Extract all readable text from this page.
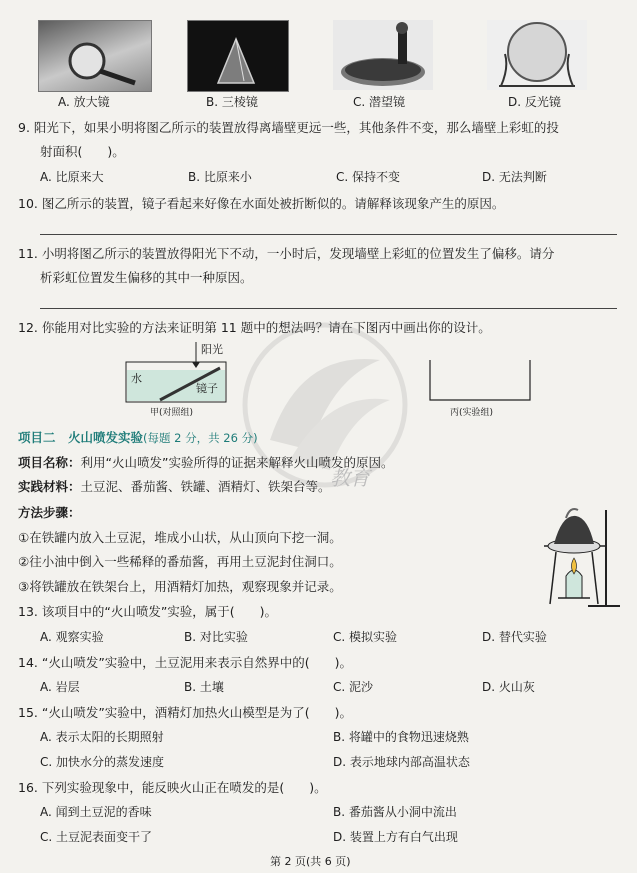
A. 放大镜	B. 三棱镜	C. 潜望镜	D. 反光镜
9. 阳光下，如果小明将图乙所示的装置放得离墙壁更远一些，其他条件不变，那么墙壁上彩虹的投
射面积(　　)。
A. 比原来大	B. 比原来小	C. 保持不变	D. 无法判断
10. 图乙所示的装置，镜子看起来好像在水面处被折断似的。请解释该现象产生的原因。
11. 小明将图乙所示的装置放得阳光下不动，一小时后，发现墙壁上彩虹的位置发生了偏移。请分
析彩虹位置发生偏移的其中一种原因。
12. 你能用对比实验的方法来证明第 11 题中的想法吗？请在下图丙中画出你的设计。
阳光
水
镜子
甲(对照组)	丙(实验组)
教育
项目二　火山喷发实验(每题 2 分，共 26 分)
项目名称：利用“火山喷发”实验所得的证据来解释火山喷发的原因。
实践材料：土豆泥、番茄酱、铁罐、酒精灯、铁架台等。
方法步骤：
①在铁罐内放入土豆泥，堆成小山状，从山顶向下挖一洞。
②往小油中倒入一些稀释的番茄酱，再用土豆泥封住洞口。
③将铁罐放在铁架台上，用酒精灯加热，观察现象并记录。
13. 该项目中的“火山喷发”实验，属于(　　)。
A. 观察实验	B. 对比实验	C. 模拟实验	D. 替代实验
14. “火山喷发”实验中，土豆泥用来表示自然界中的(　　)。
A. 岩层	B. 土壤	C. 泥沙	D. 火山灰
15. “火山喷发”实验中，酒精灯加热火山模型是为了(　　)。
A. 表示太阳的长期照射	B. 将罐中的食物迅速烧熟
C. 加快水分的蒸发速度	D. 表示地球内部高温状态
16. 下列实验现象中，能反映火山正在喷发的是(　　)。
A. 闻到土豆泥的香味	B. 番茄酱从小洞中流出
C. 土豆泥表面变干了	D. 装置上方有白气出现
第 2 页(共 6 页)
